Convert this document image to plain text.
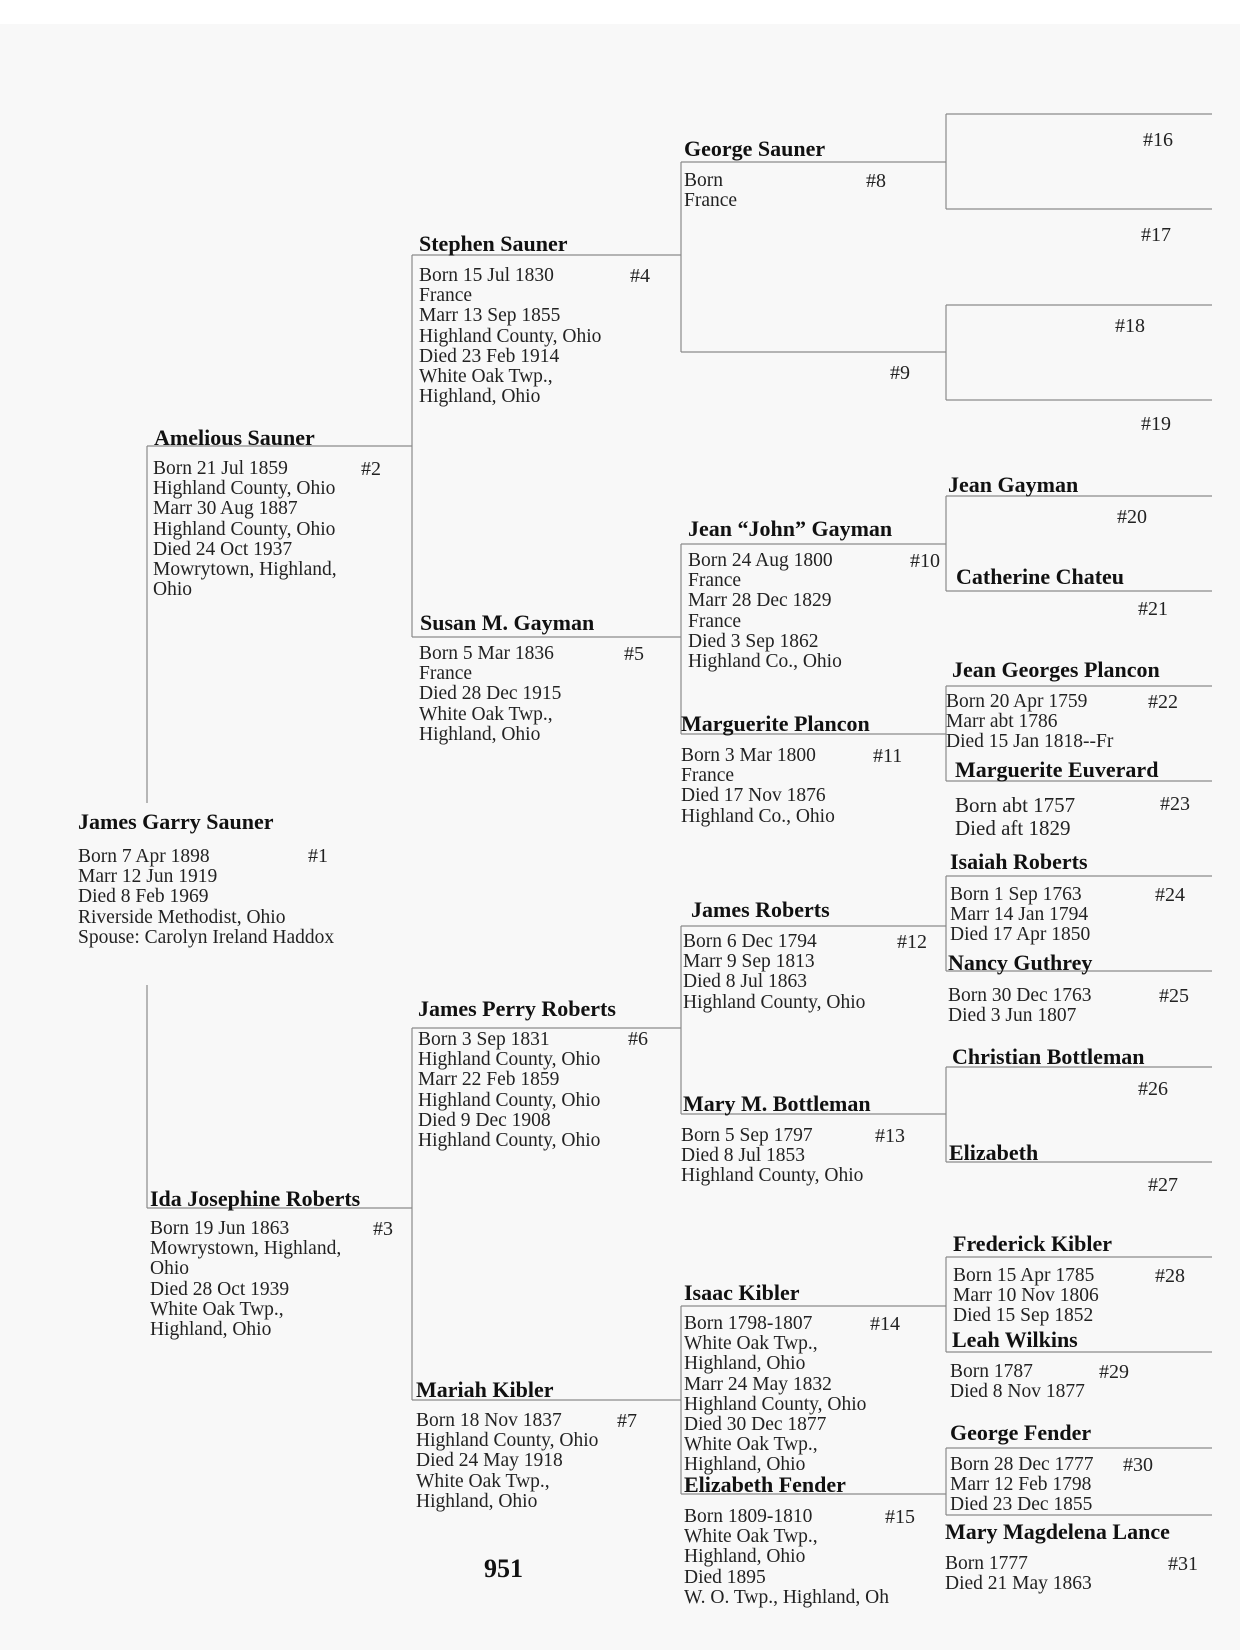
James Garry Sauner
#1
Born 7 Apr 1898
Marr 12 Jun 1919
Died 8 Feb 1969
Riverside Methodist, Ohio
Spouse: Carolyn Ireland Haddox
Amelious Sauner
#2
Born 21 Jul 1859
Highland County, Ohio
Marr 30 Aug 1887
Highland County, Ohio
Died 24 Oct 1937
Mowrytown, Highland,
Ohio
Ida Josephine Roberts
#3
Born 19 Jun 1863
Mowrystown, Highland,
Ohio
Died 28 Oct 1939
White Oak Twp.,
Highland, Ohio
Stephen Sauner
#4
Born 15 Jul 1830
France
Marr 13 Sep 1855
Highland County, Ohio
Died 23 Feb 1914
White Oak Twp.,
Highland, Ohio
Susan M. Gayman
#5
Born 5 Mar 1836
France
Died 28 Dec 1915
White Oak Twp.,
Highland, Ohio
James Perry Roberts
#6
Born 3 Sep 1831
Highland County, Ohio
Marr 22 Feb 1859
Highland County, Ohio
Died 9 Dec 1908
Highland County, Ohio
Mariah Kibler
#7
Born 18 Nov 1837
Highland County, Ohio
Died 24 May 1918
White Oak Twp.,
Highland, Ohio
George Sauner
#8
Born
France
#9
Jean “John” Gayman
#10
Born 24 Aug 1800
France
Marr 28 Dec 1829
France
Died 3 Sep 1862
Highland Co., Ohio
Marguerite Plancon
#11
Born 3 Mar 1800
France
Died 17 Nov 1876
Highland Co., Ohio
James Roberts
#12
Born 6 Dec 1794
Marr 9 Sep 1813
Died 8 Jul 1863
Highland County, Ohio
Mary M. Bottleman
#13
Born 5 Sep 1797
Died 8 Jul 1853
Highland County, Ohio
Isaac Kibler
#14
Born 1798-1807
White Oak Twp.,
Highland, Ohio
Marr 24 May 1832
Highland County, Ohio
Died 30 Dec 1877
White Oak Twp.,
Highland, Ohio
Elizabeth Fender
#15
Born 1809-1810
White Oak Twp.,
Highland, Ohio
Died 1895
W. O. Twp., Highland, Oh
#16
#17
#18
#19
Jean Gayman
#20
Catherine Chateu
#21
Jean Georges Plancon
#22
Born 20 Apr 1759
Marr abt 1786
Died 15 Jan 1818--Fr
Marguerite Euverard
#23
Born abt 1757
Died aft 1829
Isaiah Roberts
#24
Born 1 Sep 1763
Marr 14 Jan 1794
Died 17 Apr 1850
Nancy Guthrey
#25
Born 30 Dec 1763
Died 3 Jun 1807
Christian Bottleman
#26
Elizabeth
#27
Frederick Kibler
#28
Born 15 Apr 1785
Marr 10 Nov 1806
Died 15 Sep 1852
Leah Wilkins
#29
Born 1787
Died 8 Nov 1877
George Fender
#30
Born 28 Dec 1777
Marr 12 Feb 1798
Died 23 Dec 1855
Mary Magdelena Lance
#31
Born 1777
Died 21 May 1863
951
